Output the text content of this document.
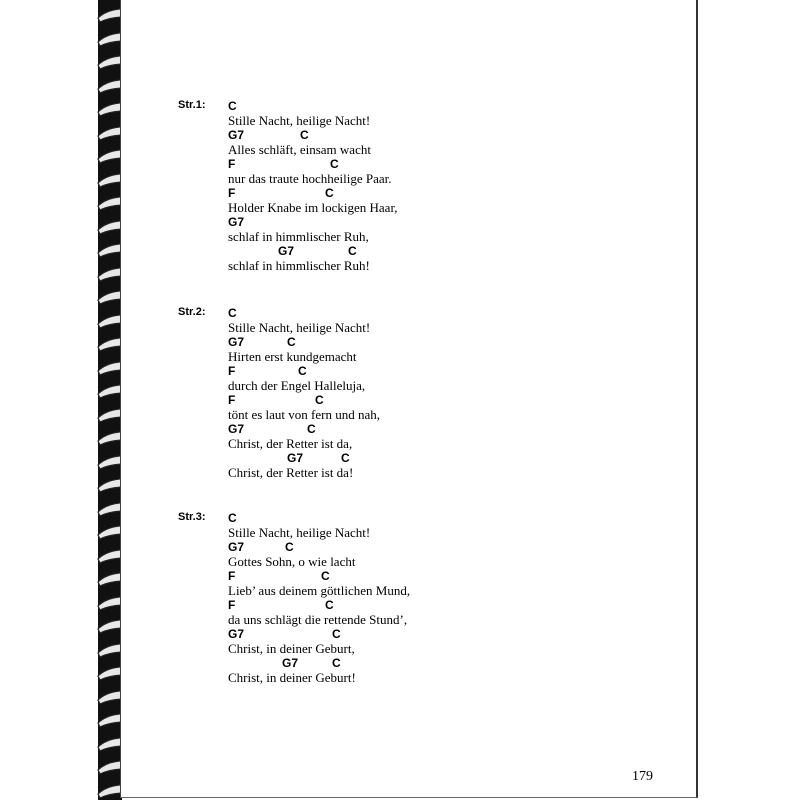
Str.1:

C

Stille Nacht, heilige Nacht!

G7

	C

Alles schläft, einsam wacht

F

	C

nur das traute hochheilige Paar.

F

	C

Holder Knabe im lockigen Haar,

G7

schlaf in himmlischer Ruh,

G7

	C

schlaf in himmlischer Ruh!
Str.2:

C

Stille Nacht, heilige Nacht!

G7

	C

Hirten erst kundgemacht

F

	C

durch der Engel Halleluja,

F

	C

tönt es laut von fern und nah,

G7

	C

Christ, der Retter ist da,

G7

	C

Christ, der Retter ist da!
Str.3:

C

Stille Nacht, heilige Nacht!

G7

	C

Gottes Sohn, o wie lacht

F

	C

Lieb’ aus deinem göttlichen Mund,

F

	C

da uns schlägt die rettende Stund’,

G7

	C

Christ, in deiner Geburt,

G7

	C

Christ, in deiner Geburt!
179
